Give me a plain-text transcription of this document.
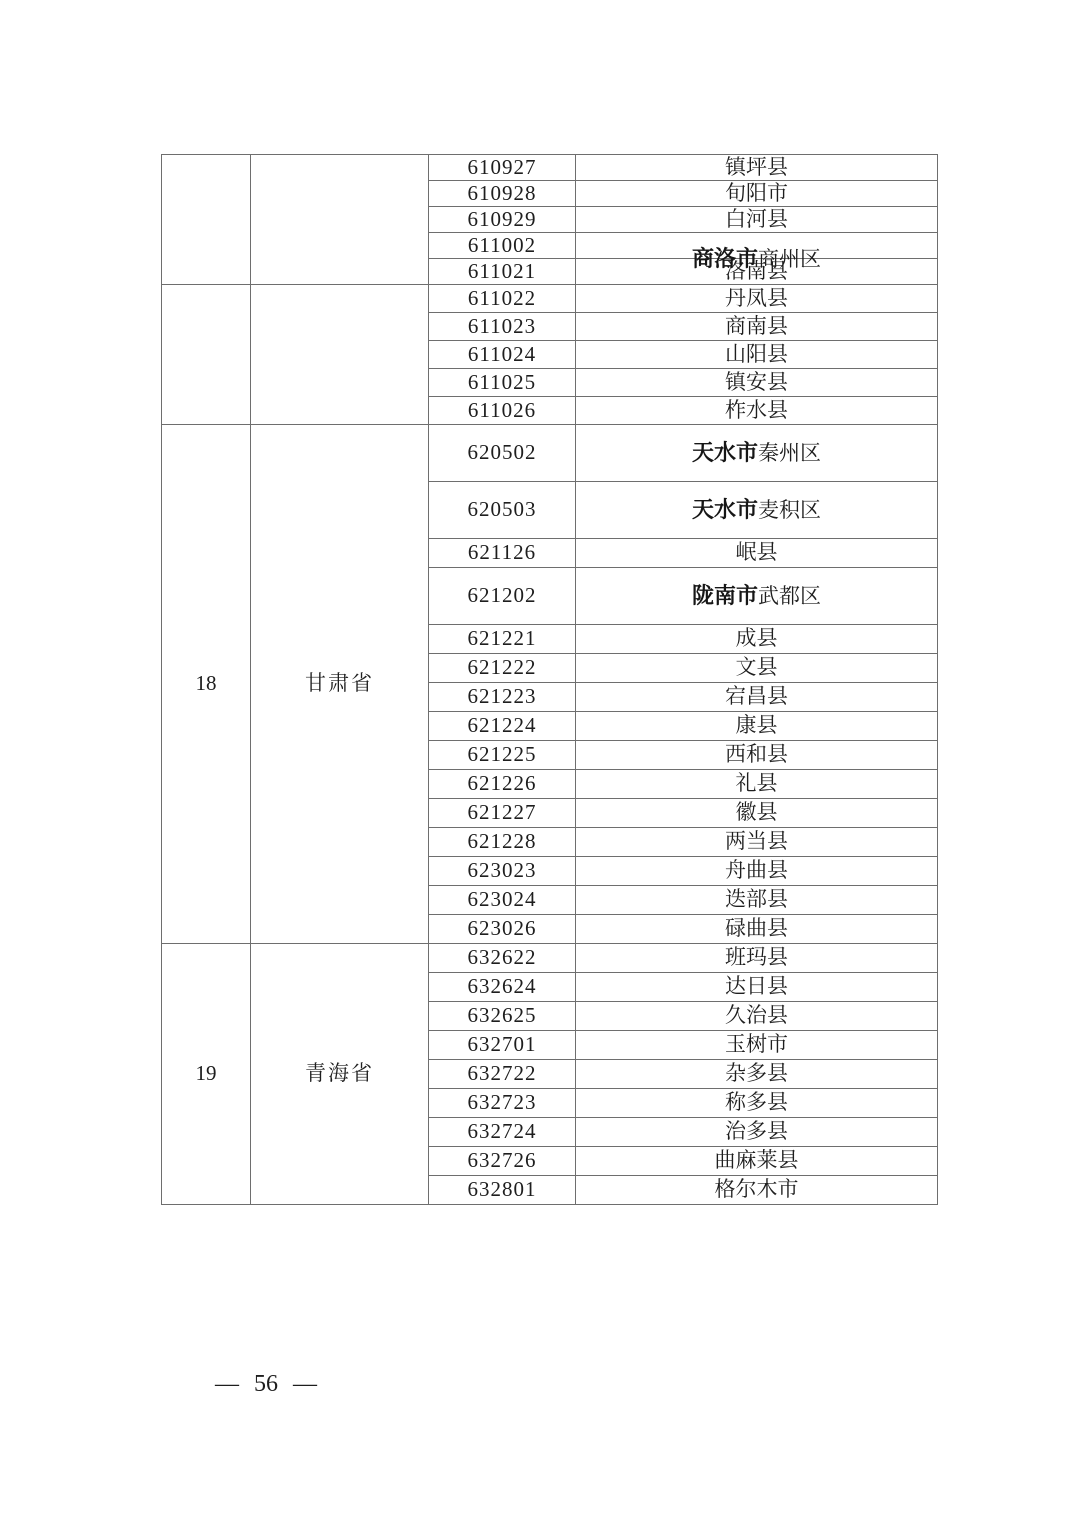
		610927	镇坪县
		610928	旬阳市
		610929	白河县
		611002	商洛市商州区

		611021	洛南县
		611022	丹凤县
		611023	商南县
		611024	山阳县
		611025	镇安县
		611026	柞水县
18	甘肃省	620502	天水市秦州区
		620503	天水市麦积区
		621126	岷县
		621202	陇南市武都区
		621221	成县
		621222	文县
		621223	宕昌县
		621224	康县
		621225	西和县
		621226	礼县
		621227	徽县
		621228	两当县
		623023	舟曲县
		623024	迭部县
		623026	碌曲县
19	青海省	632622	班玛县
		632624	达日县
		632625	久治县
		632701	玉树市
		632722	杂多县
		632723	称多县
		632724	治多县
		632726	曲麻莱县
		632801	格尔木市

— 56 —
